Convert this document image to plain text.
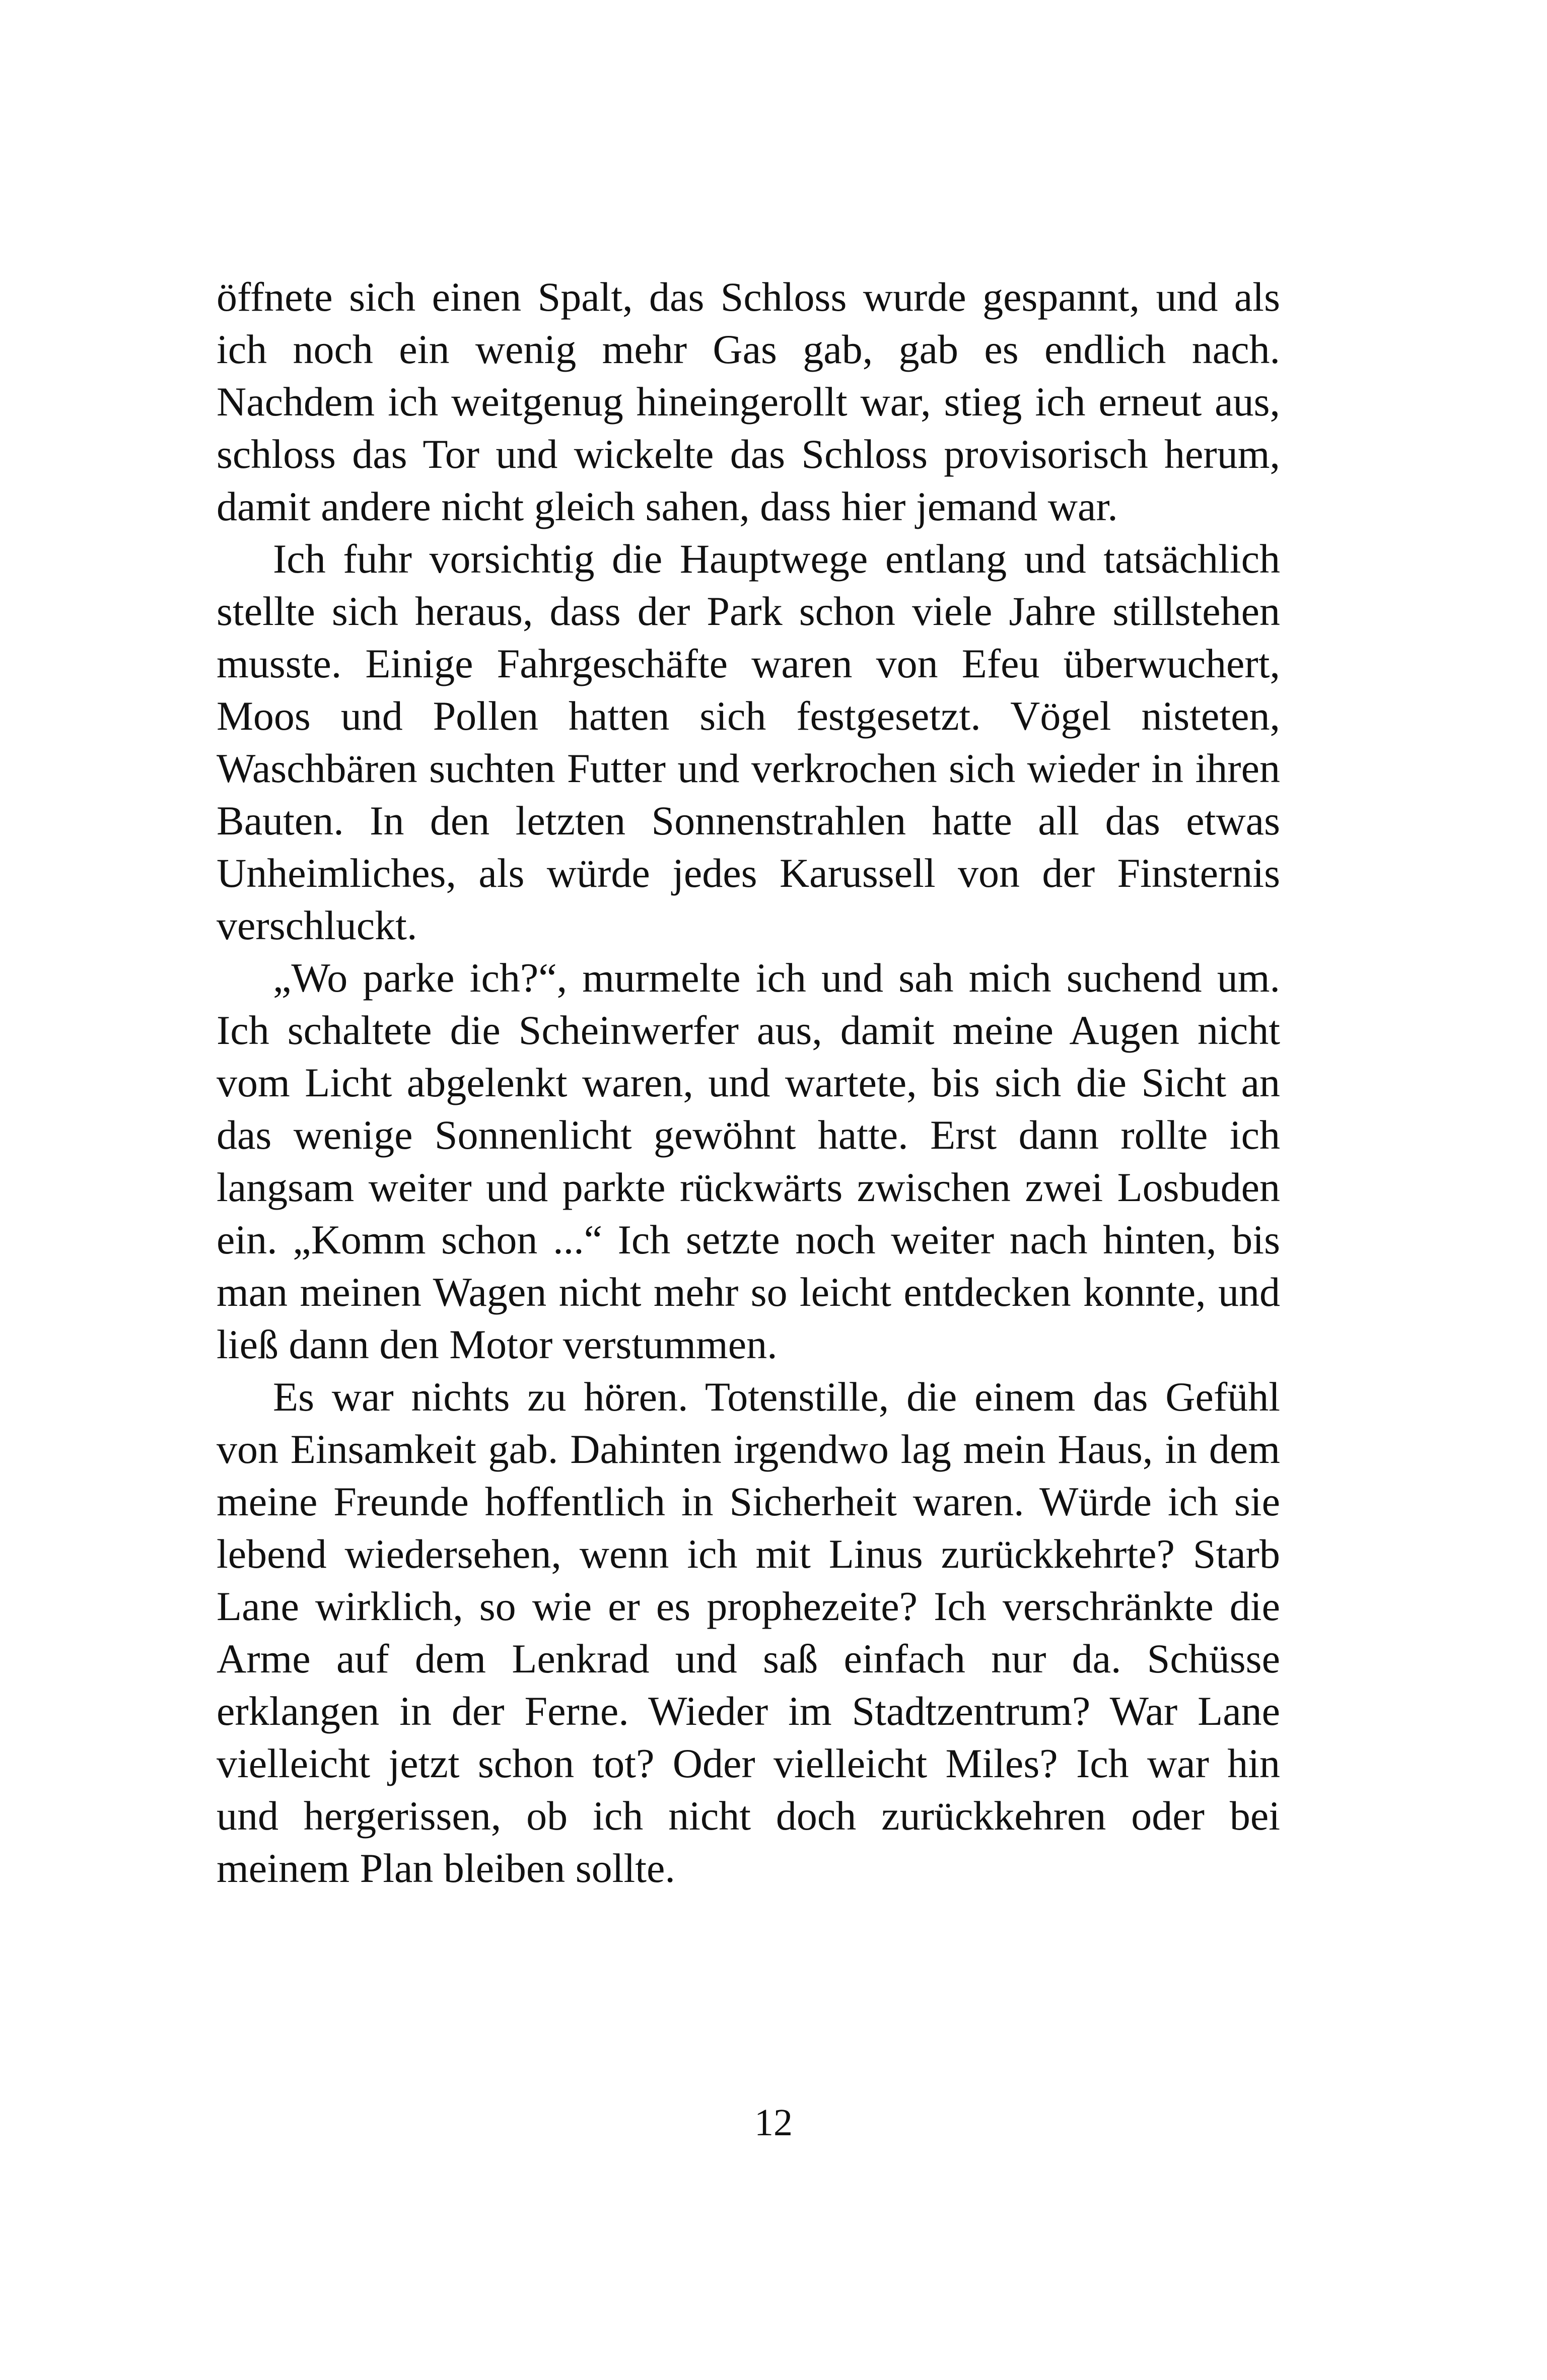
öffnete sich einen Spalt, das Schloss wurde gespannt, und als ich noch ein wenig mehr Gas gab, gab es endlich nach. Nachdem ich weitgenug hineingerollt war, stieg ich erneut aus, schloss das Tor und wickelte das Schloss provisorisch herum, damit andere nicht gleich sahen, dass hier jemand war.

Ich fuhr vorsichtig die Hauptwege entlang und tatsächlich stellte sich heraus, dass der Park schon viele Jahre stillstehen musste. Einige Fahrgeschäfte waren von Efeu überwuchert, Moos und Pollen hatten sich festgesetzt. Vögel nisteten, Waschbären suchten Futter und verkrochen sich wieder in ihren Bauten. In den letzten Sonnenstrahlen hatte all das etwas Unheimliches, als würde jedes Karussell von der Finsternis verschluckt.

„Wo parke ich?“, murmelte ich und sah mich suchend um. Ich schaltete die Scheinwerfer aus, damit meine Augen nicht vom Licht abgelenkt waren, und wartete, bis sich die Sicht an das wenige Sonnenlicht gewöhnt hatte. Erst dann rollte ich langsam weiter und parkte rückwärts zwischen zwei Losbuden ein. „Komm schon ...“ Ich setzte noch weiter nach hinten, bis man meinen Wagen nicht mehr so leicht entdecken konnte, und ließ dann den Motor verstummen.

Es war nichts zu hören. Totenstille, die einem das Gefühl von Einsamkeit gab. Dahinten irgendwo lag mein Haus, in dem meine Freunde hoffentlich in Sicherheit waren. Würde ich sie lebend wiedersehen, wenn ich mit Linus zurückkehrte? Starb Lane wirklich, so wie er es prophezeite? Ich verschränkte die Arme auf dem Lenkrad und saß einfach nur da. Schüsse erklangen in der Ferne. Wieder im Stadtzentrum? War Lane vielleicht jetzt schon tot? Oder vielleicht Miles? Ich war hin und hergerissen, ob ich nicht doch zurückkehren oder bei meinem Plan bleiben sollte.

12
